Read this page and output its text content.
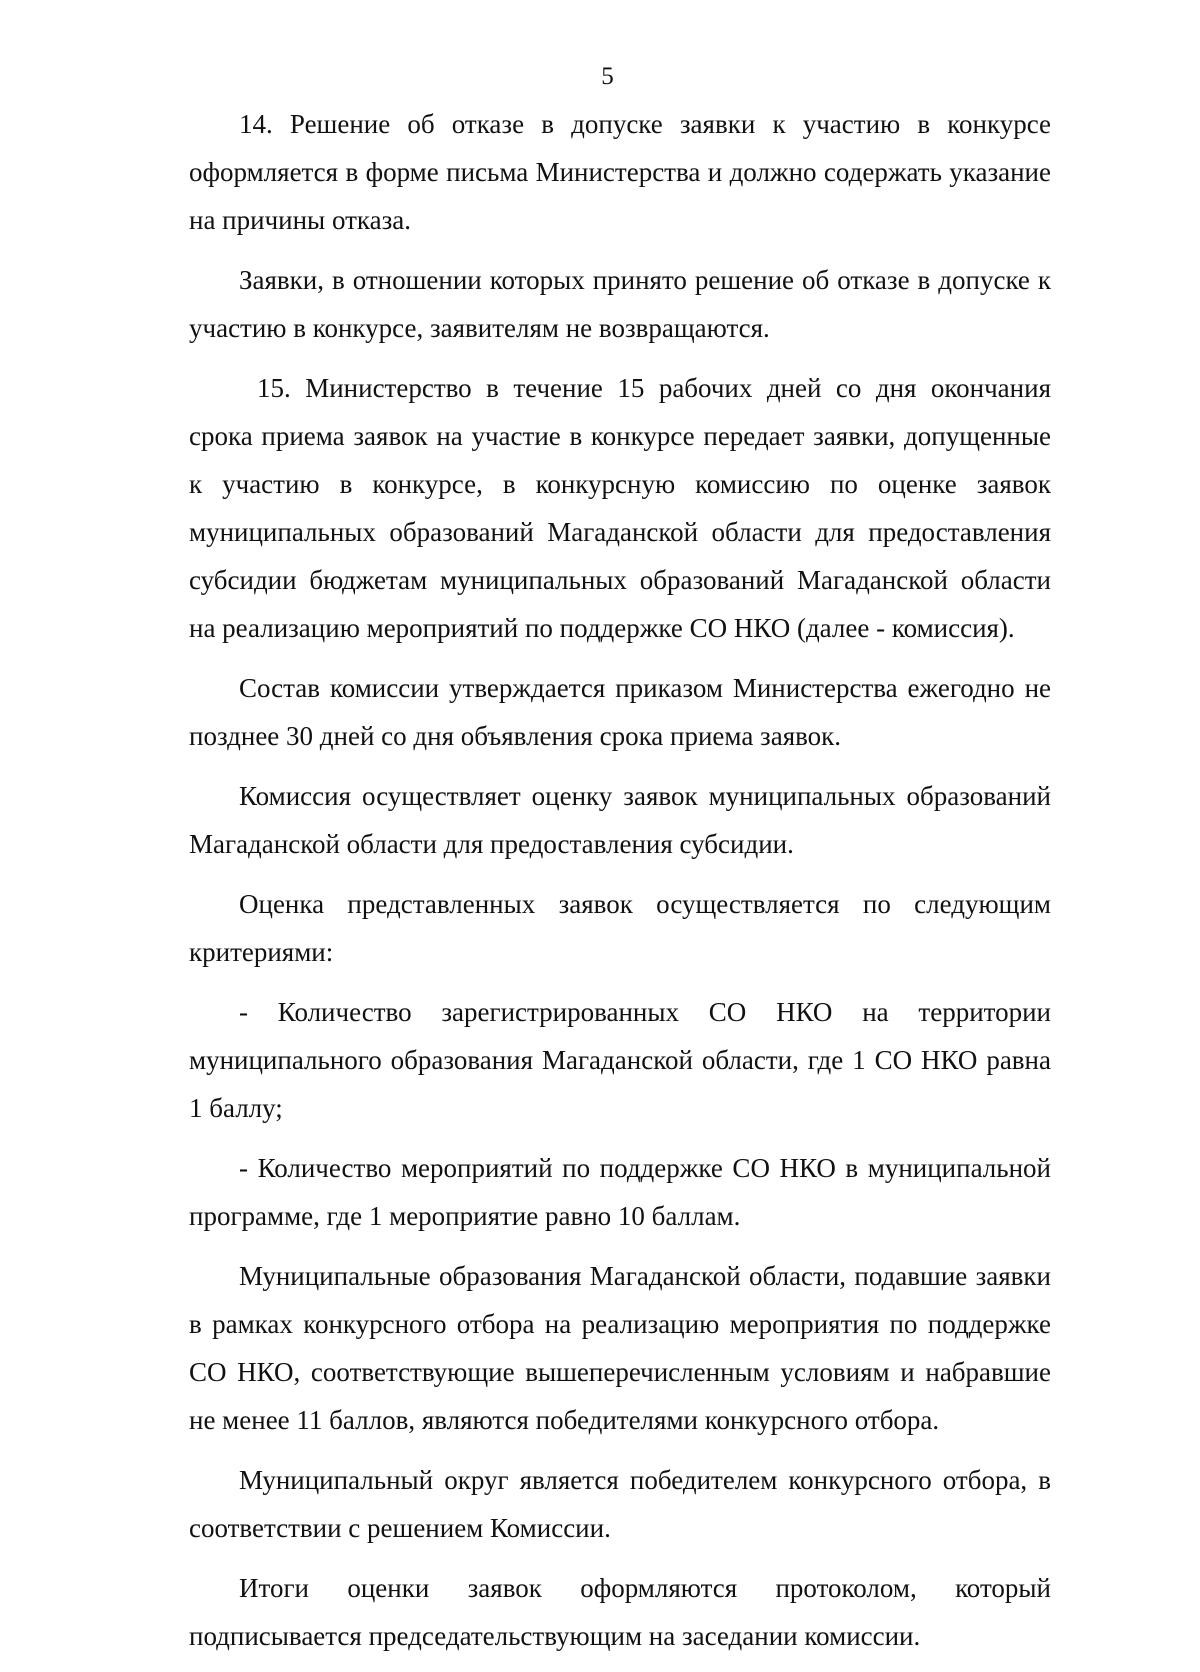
5

14. Решение об отказе в допуске заявки к участию в конкурсе оформляется в форме письма Министерства и должно содержать указание на причины отказа.

Заявки, в отношении которых принято решение об отказе в допуске к участию в конкурсе, заявителям не возвращаются.

15. Министерство в течение 15 рабочих дней со дня окончания срока приема заявок на участие в конкурсе передает заявки, допущенные к участию в конкурсе, в конкурсную комиссию по оценке заявок муниципальных образований Магаданской области для предоставления субсидии бюджетам муниципальных образований Магаданской области на реализацию мероприятий по поддержке СО НКО (далее - комиссия).

Состав комиссии утверждается приказом Министерства ежегодно не позднее 30 дней со дня объявления срока приема заявок.

Комиссия осуществляет оценку заявок муниципальных образований Магаданской области для предоставления субсидии.

Оценка представленных заявок осуществляется по следующим критериями:

- Количество зарегистрированных СО НКО на территории муниципального образования Магаданской области, где 1 СО НКО равна 1 баллу;

- Количество мероприятий по поддержке СО НКО в муниципальной программе, где 1 мероприятие равно 10 баллам.

Муниципальные образования Магаданской области, подавшие заявки в рамках конкурсного отбора на реализацию мероприятия по поддержке СО НКО, соответствующие вышеперечисленным условиям и набравшие не менее 11 баллов, являются победителями конкурсного отбора.

Муниципальный округ является победителем конкурсного отбора, в соответствии с решением Комиссии.

Итоги оценки заявок оформляются протоколом, который подписывается председательствующим на заседании комиссии.
